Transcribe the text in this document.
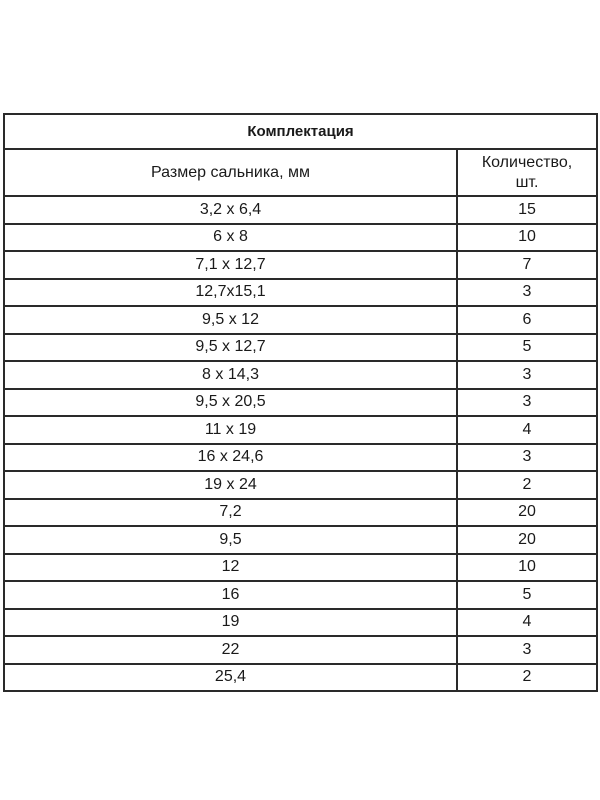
Комплектация	
Размер сальника, мм	Количество,
шт.
3,2 x 6,4	15
6 x 8	10
7,1 x 12,7	7
12,7x15,1	3
9,5 x 12	6
9,5 x 12,7	5
8 x 14,3	3
9,5 x 20,5	3
11 x 19	4
16 x 24,6	3
19 x 24	2
7,2	20
9,5	20
12	10
16	5
19	4
22	3
25,4	2
